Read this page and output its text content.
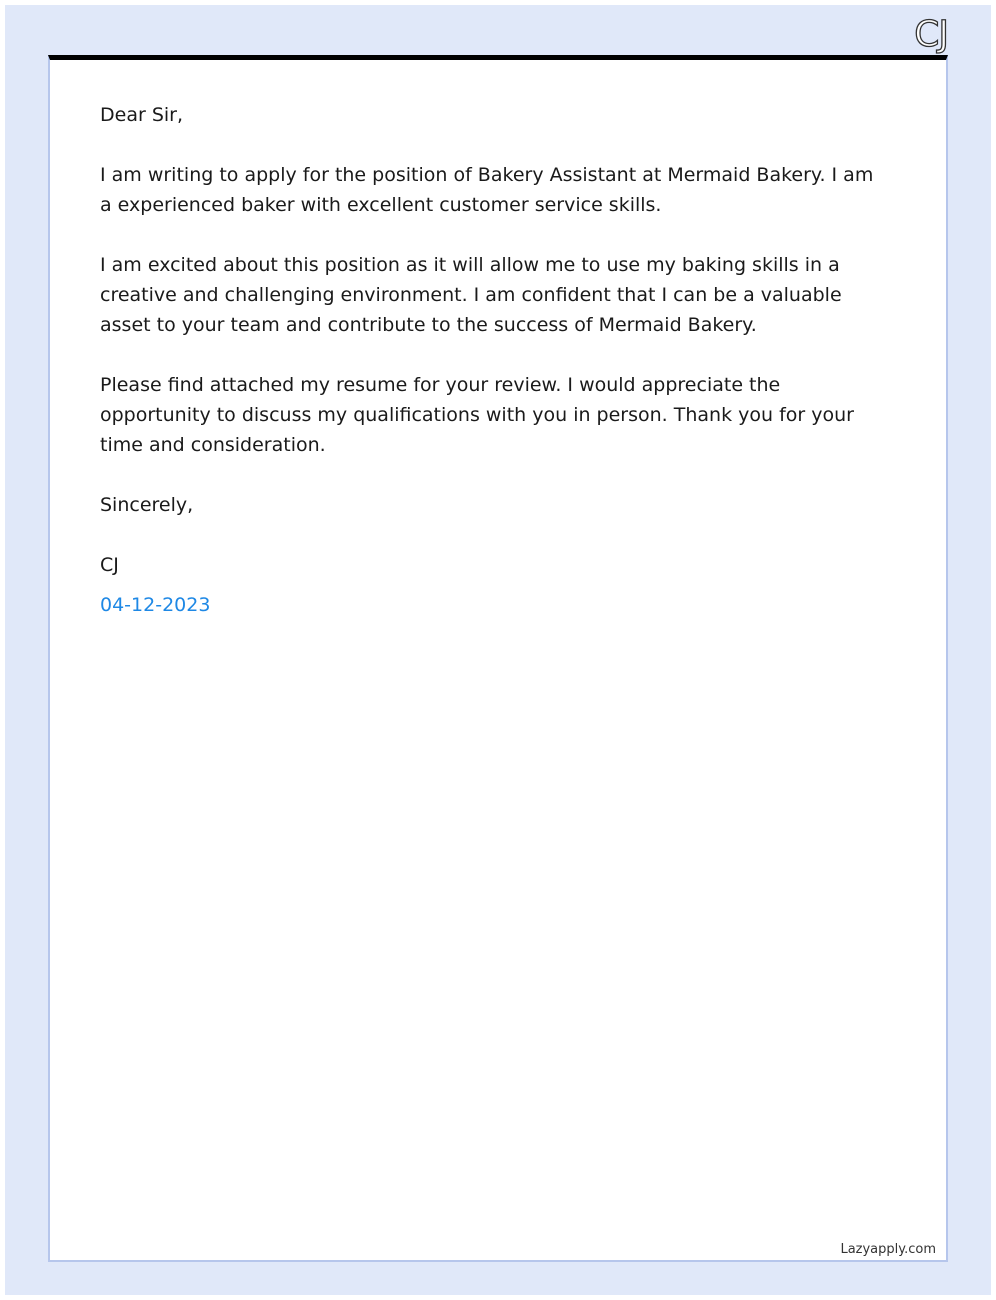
CJ

Dear Sir,

I am writing to apply for the position of Bakery Assistant at Mermaid Bakery. I am a experienced baker with excellent customer service skills.

I am excited about this position as it will allow me to use my baking skills in a creative and challenging environment. I am confident that I can be a valuable asset to your team and contribute to the success of Mermaid Bakery.

Please find attached my resume for your review. I would appreciate the opportunity to discuss my qualifications with you in person. Thank you for your time and consideration.

Sincerely,

CJ

04-12-2023

Lazyapply.com
